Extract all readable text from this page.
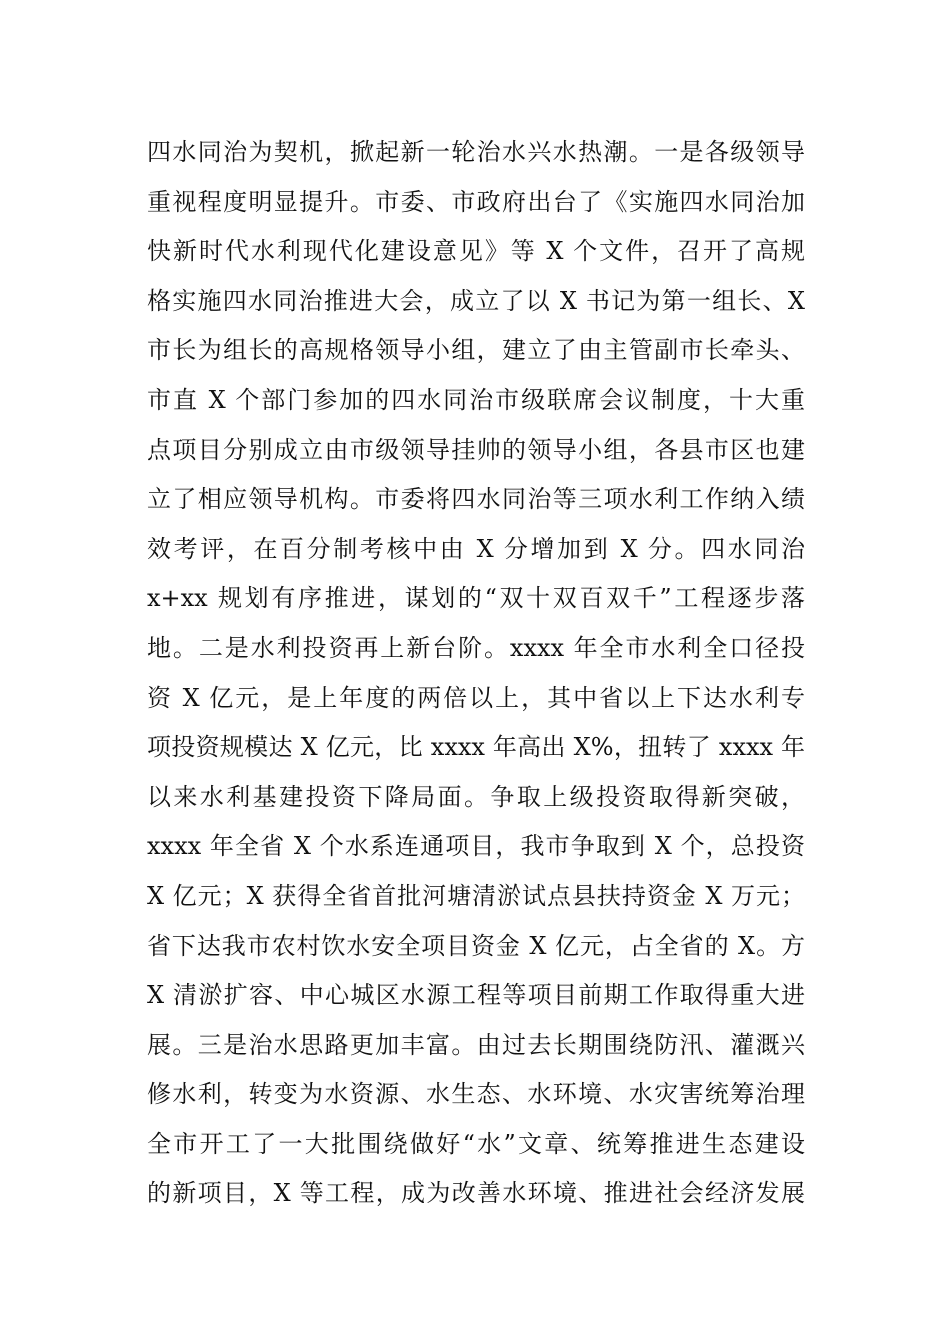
四水同治为契机，掀起新一轮治水兴水热潮。一是各级领导
重视程度明显提升。市委、市政府出台了《实施四水同治加
快新时代水利现代化建设意见》等 X 个文件，召开了高规
格实施四水同治推进大会，成立了以 X 书记为第一组长、X
市长为组长的高规格领导小组，建立了由主管副市长牵头、
市直 X 个部门参加的四水同治市级联席会议制度，十大重
点项目分别成立由市级领导挂帅的领导小组，各县市区也建
立了相应领导机构。市委将四水同治等三项水利工作纳入绩
效考评，在百分制考核中由 X 分增加到 X 分。四水同治
x+xx 规划有序推进，谋划的“双十双百双千”工程逐步落
地。二是水利投资再上新台阶。xxxx 年全市水利全口径投
资 X 亿元，是上年度的两倍以上，其中省以上下达水利专
项投资规模达 X 亿元，比 xxxx 年高出 X%，扭转了 xxxx 年
以来水利基建投资下降局面。争取上级投资取得新突破，
xxxx 年全省 X 个水系连通项目，我市争取到 X 个，总投资
X 亿元；X 获得全省首批河塘清淤试点县扶持资金 X 万元；
省下达我市农村饮水安全项目资金 X 亿元，占全省的 X。方
X 清淤扩容、中心城区水源工程等项目前期工作取得重大进
展。三是治水思路更加丰富。由过去长期围绕防汛、灌溉兴
修水利，转变为水资源、水生态、水环境、水灾害统筹治理
全市开工了一大批围绕做好“水”文章、统筹推进生态建设
的新项目，X 等工程，成为改善水环境、推进社会经济发展
